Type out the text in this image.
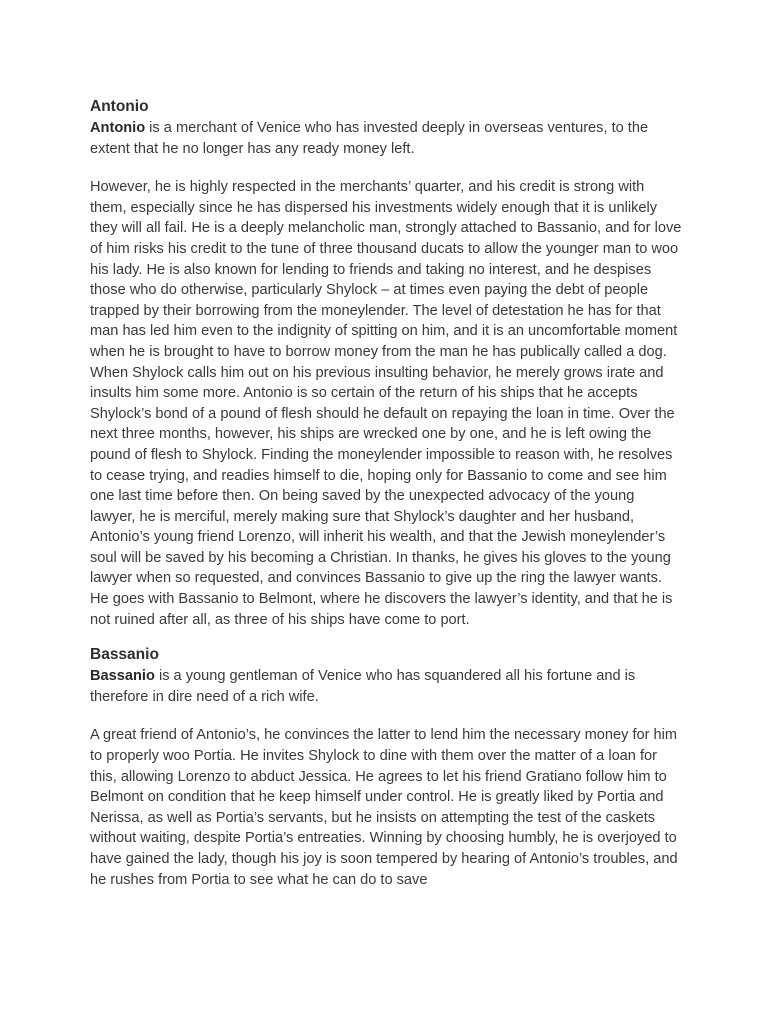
Antonio

Antonio is a merchant of Venice who has invested deeply in overseas ventures, to the extent that he no longer has any ready money left.

However, he is highly respected in the merchants’ quarter, and his credit is strong with them, especially since he has dispersed his investments widely enough that it is unlikely they will all fail. He is a deeply melancholic man, strongly attached to Bassanio, and for love of him risks his credit to the tune of three thousand ducats to allow the younger man to woo his lady. He is also known for lending to friends and taking no interest, and he despises those who do otherwise, particularly Shylock – at times even paying the debt of people trapped by their borrowing from the moneylender. The level of detestation he has for that man has led him even to the indignity of spitting on him, and it is an uncomfortable moment when he is brought to have to borrow money from the man he has publically called a dog. When Shylock calls him out on his previous insulting behavior, he merely grows irate and insults him some more. Antonio is so certain of the return of his ships that he accepts Shylock’s bond of a pound of flesh should he default on repaying the loan in time. Over the next three months, however, his ships are wrecked one by one, and he is left owing the pound of flesh to Shylock. Finding the moneylender impossible to reason with, he resolves to cease trying, and readies himself to die, hoping only for Bassanio to come and see him one last time before then. On being saved by the unexpected advocacy of the young lawyer, he is merciful, merely making sure that Shylock’s daughter and her husband, Antonio’s young friend Lorenzo, will inherit his wealth, and that the Jewish moneylender’s soul will be saved by his becoming a Christian. In thanks, he gives his gloves to the young lawyer when so requested, and convinces Bassanio to give up the ring the lawyer wants. He goes with Bassanio to Belmont, where he discovers the lawyer’s identity, and that he is not ruined after all, as three of his ships have come to port.

Bassanio

Bassanio is a young gentleman of Venice who has squandered all his fortune and is therefore in dire need of a rich wife.

A great friend of Antonio’s, he convinces the latter to lend him the necessary money for him to properly woo Portia. He invites Shylock to dine with them over the matter of a loan for this, allowing Lorenzo to abduct Jessica. He agrees to let his friend Gratiano follow him to Belmont on condition that he keep himself under control. He is greatly liked by Portia and Nerissa, as well as Portia’s servants, but he insists on attempting the test of the caskets without waiting, despite Portia’s entreaties. Winning by choosing humbly, he is overjoyed to have gained the lady, though his joy is soon tempered by hearing of Antonio’s troubles, and he rushes from Portia to see what he can do to save
